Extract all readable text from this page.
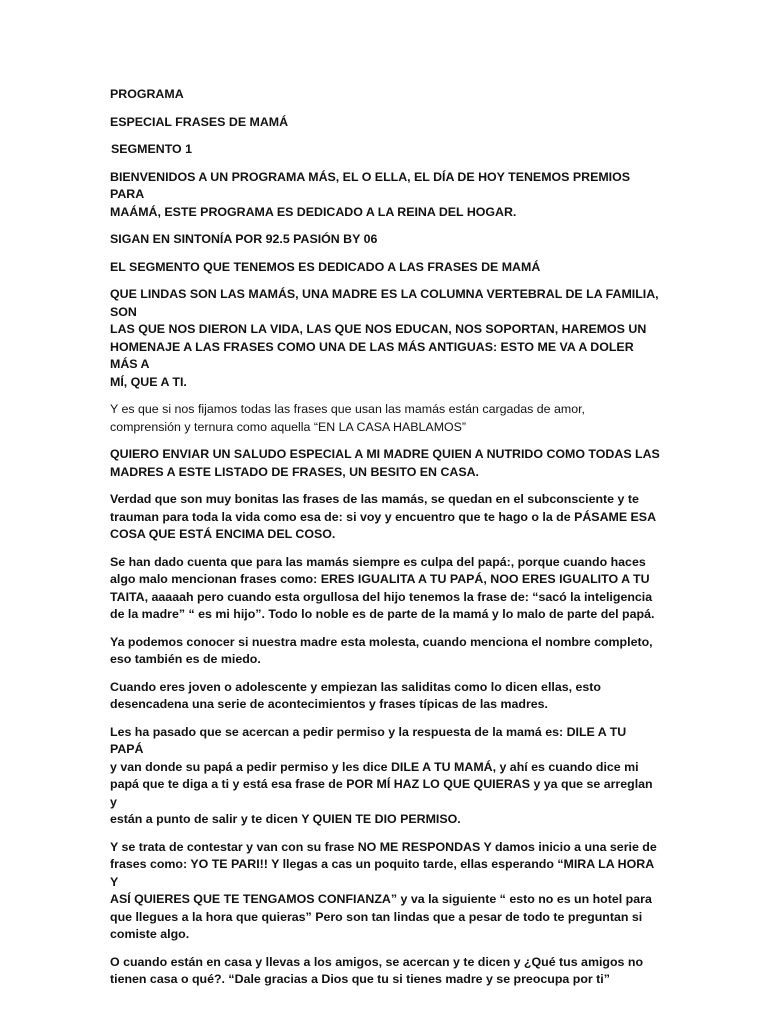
PROGRAMA

ESPECIAL FRASES DE MAMÁ

SEGMENTO 1

BIENVENIDOS A UN PROGRAMA MÁS, EL O ELLA, EL DÍA DE HOY TENEMOS PREMIOS PARA
MAÁMÁ, ESTE PROGRAMA ES DEDICADO A LA REINA DEL HOGAR.

SIGAN EN SINTONÍA POR 92.5 PASIÓN BY 06

EL SEGMENTO QUE TENEMOS ES DEDICADO A LAS FRASES DE MAMÁ

QUE LINDAS SON LAS MAMÁS, UNA MADRE ES LA COLUMNA VERTEBRAL DE LA FAMILIA, SON
LAS QUE NOS DIERON LA VIDA, LAS QUE NOS EDUCAN, NOS SOPORTAN, HAREMOS UN
HOMENAJE A LAS FRASES COMO UNA DE LAS MÁS ANTIGUAS: ESTO ME VA A DOLER MÁS A
MÍ, QUE A TI.

Y es que si nos fijamos todas las frases que usan las mamás están cargadas de amor,
comprensión y ternura como aquella “EN LA CASA HABLAMOS”

QUIERO ENVIAR UN SALUDO ESPECIAL A MI MADRE QUIEN A NUTRIDO COMO TODAS LAS
MADRES A ESTE LISTADO DE FRASES, UN BESITO EN CASA.

Verdad que son muy bonitas las frases de las mamás, se quedan en el subconsciente y te
trauman para toda la vida como esa de: si voy y encuentro que te hago o la de PÁSAME ESA
COSA QUE ESTÁ ENCIMA DEL COSO.

Se han dado cuenta que para las mamás siempre es culpa del papá:, porque cuando haces
algo malo mencionan frases como: ERES IGUALITA A TU PAPÁ, NOO ERES IGUALITO A TU
TAITA, aaaaah pero cuando esta orgullosa del hijo tenemos la frase de: “sacó la inteligencia
de la madre” “ es mi hijo”. Todo lo noble es de parte de la mamá y lo malo de parte del papá.

Ya podemos conocer si nuestra madre esta molesta, cuando menciona el nombre completo,
eso también es de miedo.

Cuando eres joven o adolescente y empiezan las saliditas como lo dicen ellas, esto
desencadena una serie de acontecimientos y frases típicas de las madres.

Les ha pasado que se acercan a pedir permiso y la respuesta de la mamá es: DILE A TU PAPÁ
y van donde su papá a pedir permiso y les dice DILE A TU MAMÁ, y ahí es cuando dice mi
papá que te diga a ti y está esa frase de POR MÍ HAZ LO QUE QUIERAS y ya que se arreglan y
están a punto de salir y te dicen Y QUIEN TE DIO PERMISO.

Y se trata de contestar y van con su frase NO ME RESPONDAS Y damos inicio a una serie de
frases como: YO TE PARI!! Y llegas a cas un poquito tarde, ellas esperando “MIRA LA HORA Y
ASÍ QUIERES QUE TE TENGAMOS CONFIANZA” y va la siguiente “ esto no es un hotel para
que llegues a la hora que quieras” Pero son tan lindas que a pesar de todo te preguntan si
comiste algo.

O cuando están en casa y llevas a los amigos, se acercan y te dicen y ¿Qué tus amigos no
tienen casa o qué?. “Dale gracias a Dios que tu si tienes madre y se preocupa por ti”
